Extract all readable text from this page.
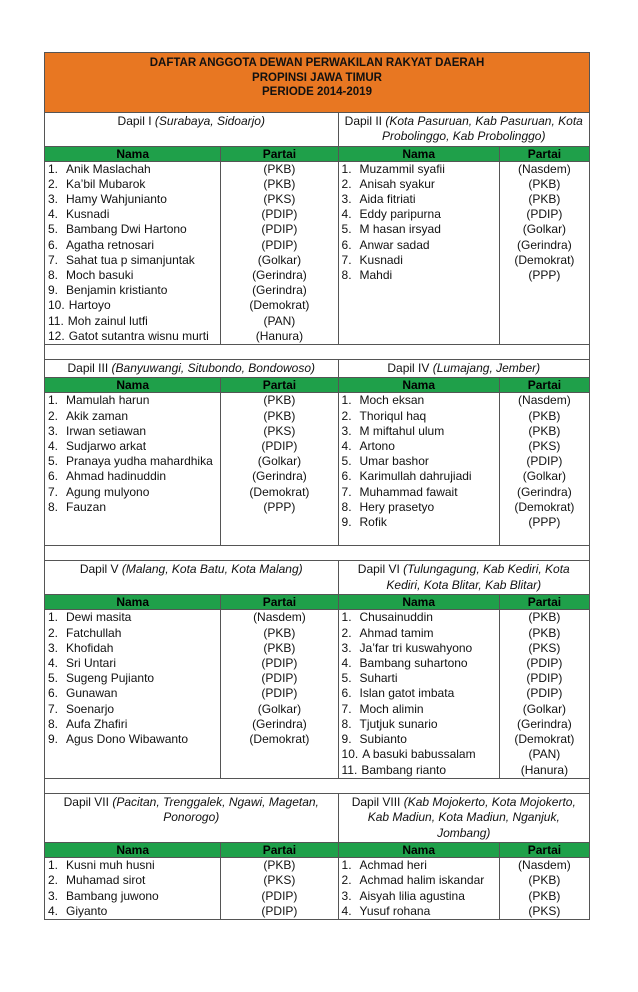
DAFTAR ANGGOTA DEWAN PERWAKILAN RAKYAT DAERAH
PROPINSI JAWA TIMUR
PERIODE 2014-2019			

Dapil I (Surabaya, Sidoarjo)		Dapil II (Kota Pasuruan, Kab Pasuruan, Kota Probolinggo, Kab Probolinggo)	
Nama	Partai	Nama	Partai
1. Anik Maslachah	(PKB)	1. Muzammil syafii	(Nasdem)
2. Ka’bil Mubarok	(PKB)	2. Anisah syakur	(PKB)
3. Hamy Wahjunianto	(PKS)	3. Aida fitriati	(PKB)
4. Kusnadi	(PDIP)	4. Eddy paripurna	(PDIP)
5. Bambang Dwi Hartono	(PDIP)	5. M hasan irsyad	(Golkar)
6. Agatha retnosari	(PDIP)	6. Anwar sadad	(Gerindra)
7. Sahat tua p simanjuntak	(Golkar)	7. Kusnadi	(Demokrat)
8. Moch basuki	(Gerindra)	8. Mahdi	(PPP)
9. Benjamin kristianto	(Gerindra)		
10. Hartoyo	(Demokrat)		
11. Moh zainul lutfi	(PAN)		
12. Gatot sutantra wisnu murti	(Hanura)		

Dapil III (Banyuwangi, Situbondo, Bondowoso)		Dapil IV (Lumajang, Jember)	
Nama	Partai	Nama	Partai
1. Mamulah harun	(PKB)	1. Moch eksan	(Nasdem)
2. Akik zaman	(PKB)	2. Thoriqul haq	(PKB)
3. Irwan setiawan	(PKS)	3. M miftahul ulum	(PKB)
4. Sudjarwo arkat	(PDIP)	4. Artono	(PKS)
5. Pranaya yudha mahardhika	(Golkar)	5. Umar bashor	(PDIP)
6. Ahmad hadinuddin	(Gerindra)	6. Karimullah dahrujiadi	(Golkar)
7. Agung mulyono	(Demokrat)	7. Muhammad fawait	(Gerindra)
8. Fauzan	(PPP)	8. Hery prasetyo	(Demokrat)
		9. Rofik	(PPP)

Dapil V (Malang, Kota Batu, Kota Malang)		Dapil VI (Tulungagung, Kab Kediri, Kota Kediri, Kota Blitar, Kab Blitar)	
Nama	Partai	Nama	Partai
1. Dewi masita	(Nasdem)	1. Chusainuddin	(PKB)
2. Fatchullah	(PKB)	2. Ahmad tamim	(PKB)
3. Khofidah	(PKB)	3. Ja’far tri kuswahyono	(PKS)
4. Sri Untari	(PDIP)	4. Bambang suhartono	(PDIP)
5. Sugeng Pujianto	(PDIP)	5. Suharti	(PDIP)
6. Gunawan	(PDIP)	6. Islan gatot imbata	(PDIP)
7. Soenarjo	(Golkar)	7. Moch alimin	(Golkar)
8. Aufa Zhafiri	(Gerindra)	8. Tjutjuk sunario	(Gerindra)
9. Agus Dono Wibawanto	(Demokrat)	9. Subianto	(Demokrat)
		10. A basuki babussalam	(PAN)
		11. Bambang rianto	(Hanura)

Dapil VII (Pacitan, Trenggalek, Ngawi, Magetan, Ponorogo)		Dapil VIII (Kab Mojokerto, Kota Mojokerto, Kab Madiun, Kota Madiun, Nganjuk, Jombang)	
Nama	Partai	Nama	Partai
1. Kusni muh husni	(PKB)	1. Achmad heri	(Nasdem)
2. Muhamad sirot	(PKS)	2. Achmad halim iskandar	(PKB)
3. Bambang juwono	(PDIP)	3. Aisyah lilia agustina	(PKB)
4. Giyanto	(PDIP)	4. Yusuf rohana	(PKS)
